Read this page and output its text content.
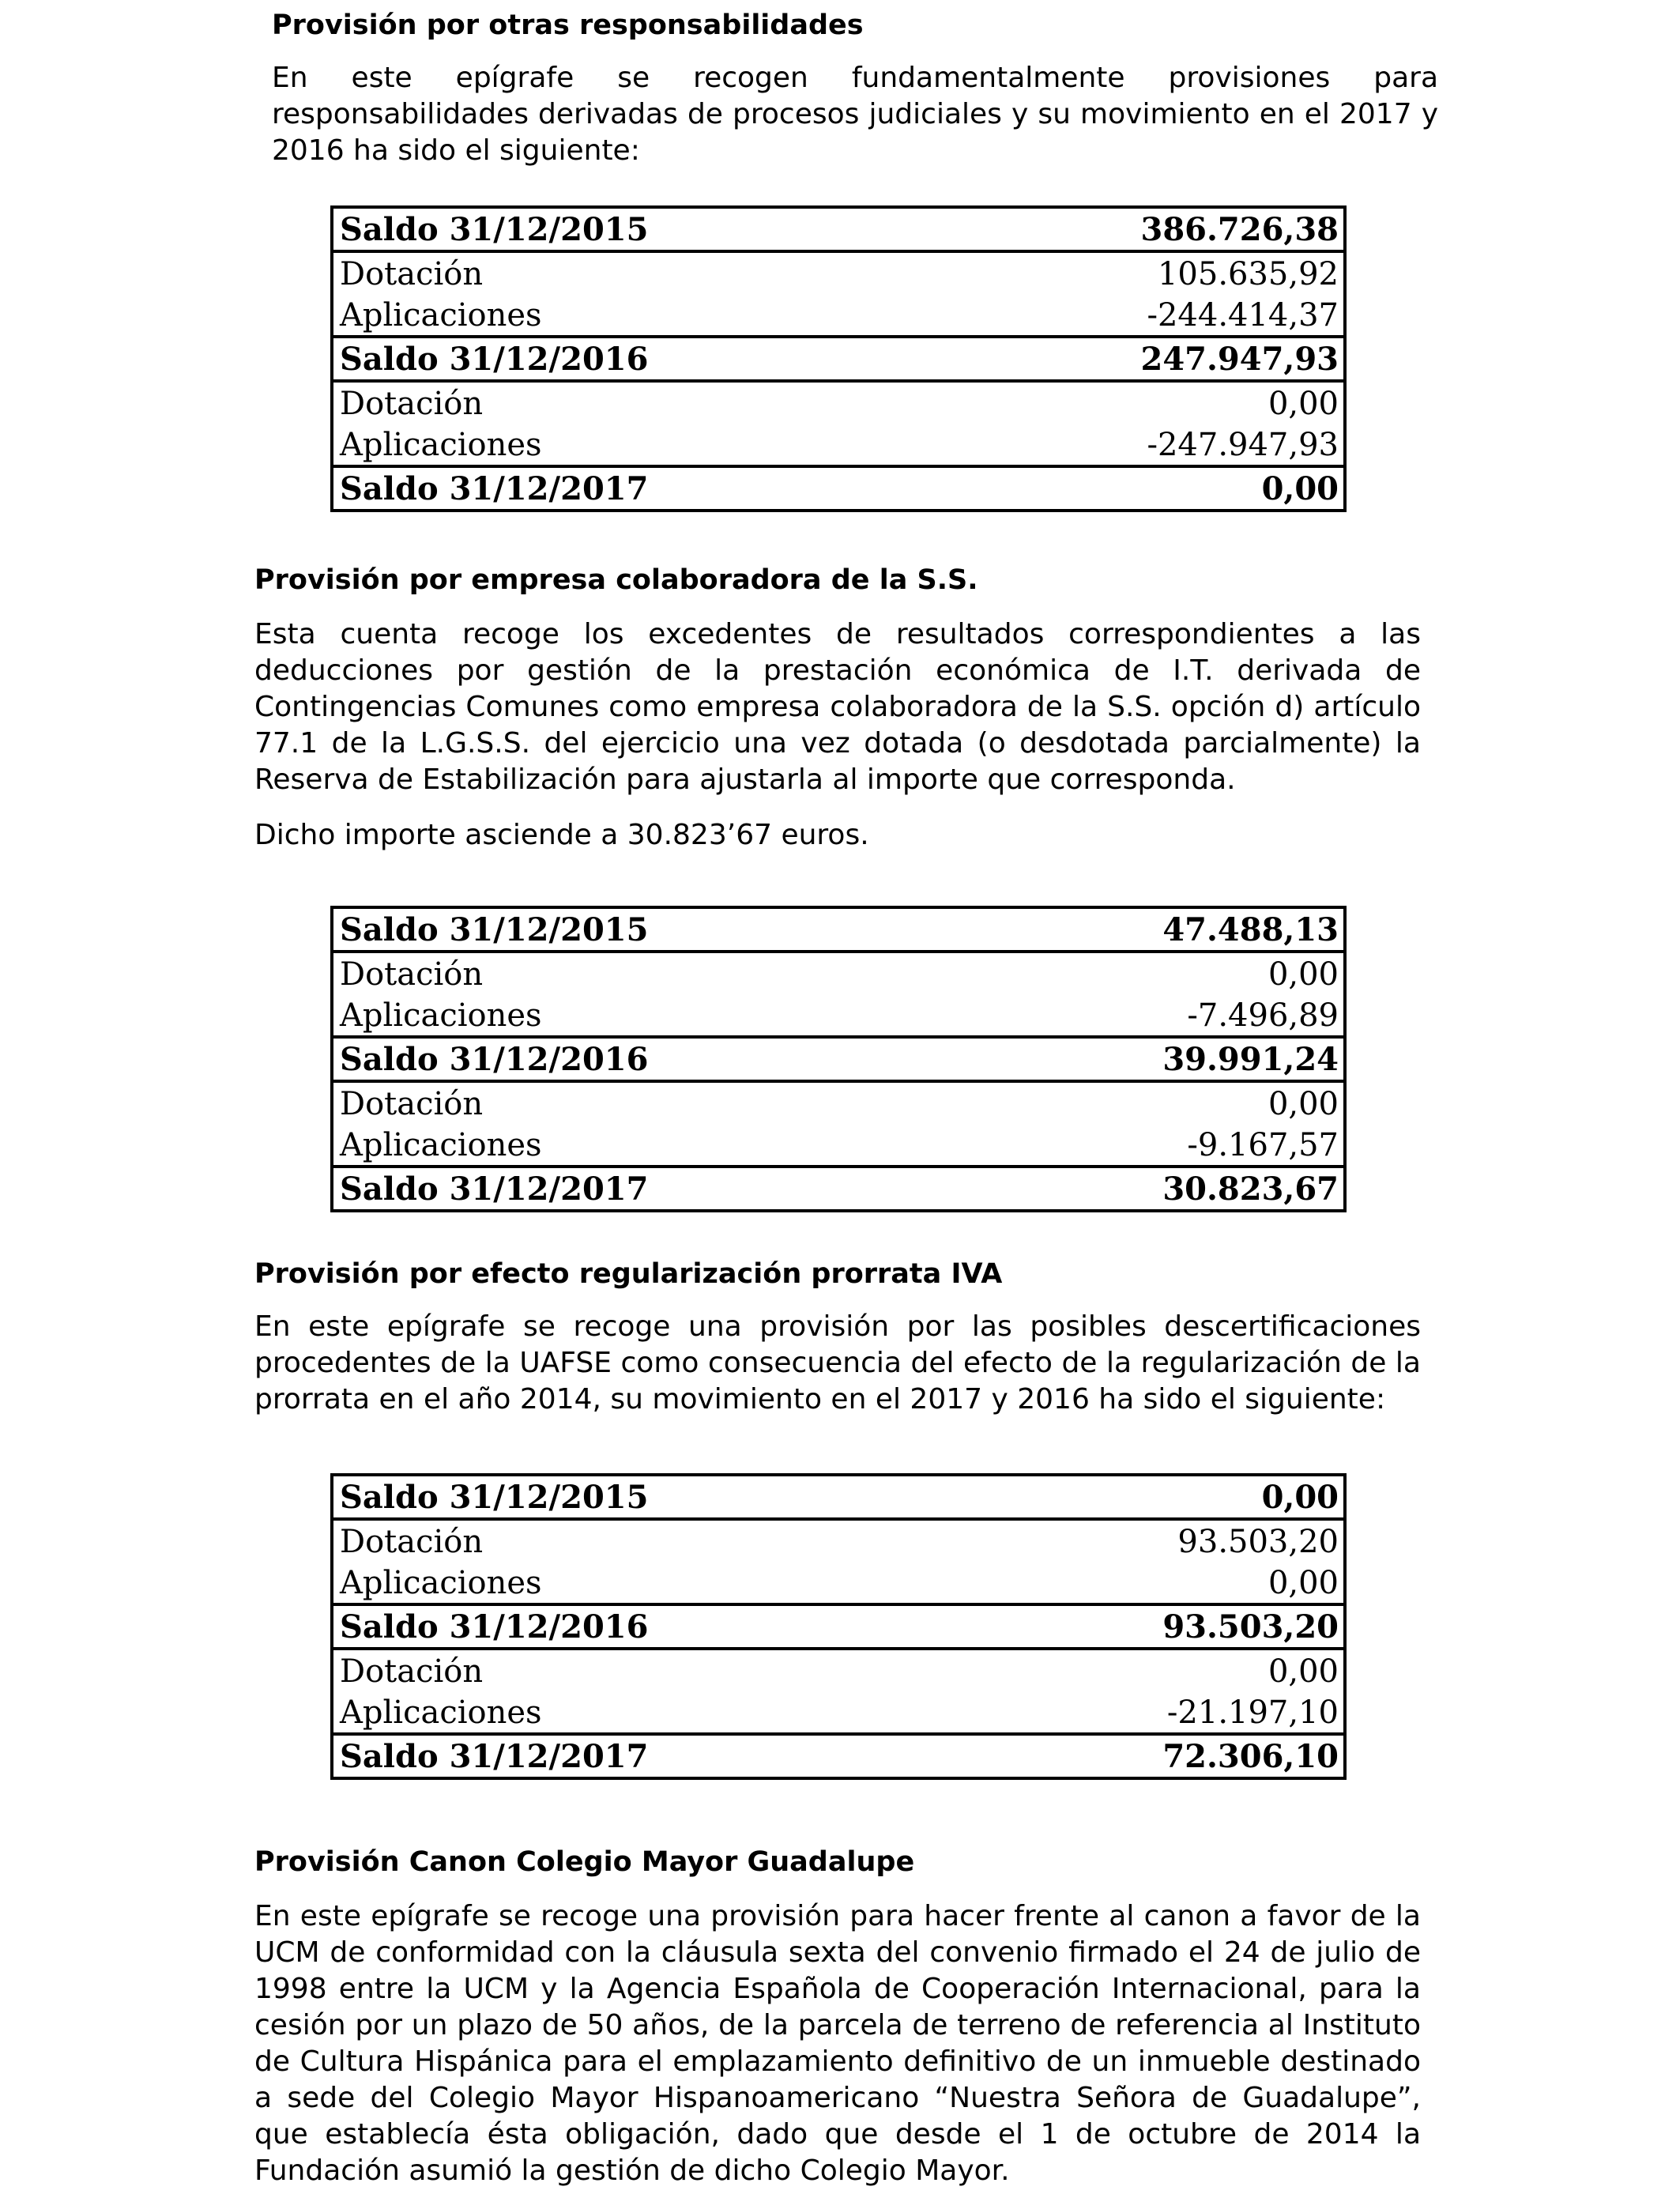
Provisión por otras responsabilidades
En este epígrafe se recogen fundamentalmente provisiones para responsabilidades derivadas de procesos judiciales y su movimiento en el 2017 y 2016 ha sido el siguiente:
Saldo 31/12/2015	386.726,38
Dotación	105.635,92
Aplicaciones	-244.414,37
Saldo 31/12/2016	247.947,93
Dotación	0,00
Aplicaciones	-247.947,93
Saldo 31/12/2017	0,00
Provisión por empresa colaboradora de la S.S.
Esta cuenta recoge los excedentes de resultados correspondientes a las deducciones por gestión de la prestación económica de I.T. derivada de Contingencias Comunes como empresa colaboradora de la S.S. opción d) artículo 77.1 de la L.G.S.S. del ejercicio una vez dotada (o desdotada parcialmente) la Reserva de Estabilización para ajustarla al importe que corresponda.
Dicho importe asciende a 30.823’67 euros.
Saldo 31/12/2015	47.488,13
Dotación	0,00
Aplicaciones	-7.496,89
Saldo 31/12/2016	39.991,24
Dotación	0,00
Aplicaciones	-9.167,57
Saldo 31/12/2017	30.823,67
Provisión por efecto regularización prorrata IVA
En este epígrafe se recoge una provisión por las posibles descertificaciones procedentes de la UAFSE como consecuencia del efecto de la regularización de la prorrata en el año 2014, su movimiento en el 2017 y 2016 ha sido el siguiente:
Saldo 31/12/2015	0,00
Dotación	93.503,20
Aplicaciones	0,00
Saldo 31/12/2016	93.503,20
Dotación	0,00
Aplicaciones	-21.197,10
Saldo 31/12/2017	72.306,10
Provisión Canon Colegio Mayor Guadalupe
En este epígrafe se recoge una provisión para hacer frente al canon a favor de la UCM de conformidad con la cláusula sexta del convenio firmado el 24 de julio de 1998 entre la UCM y la Agencia Española de Cooperación Internacional, para la cesión por un plazo de 50 años, de la parcela de terreno de referencia al Instituto de Cultura Hispánica para el emplazamiento definitivo de un inmueble destinado a sede del Colegio Mayor Hispanoamericano “Nuestra Señora de Guadalupe”, que establecía ésta obligación, dado que desde el 1 de octubre de 2014 la Fundación asumió la gestión de dicho Colegio Mayor.
